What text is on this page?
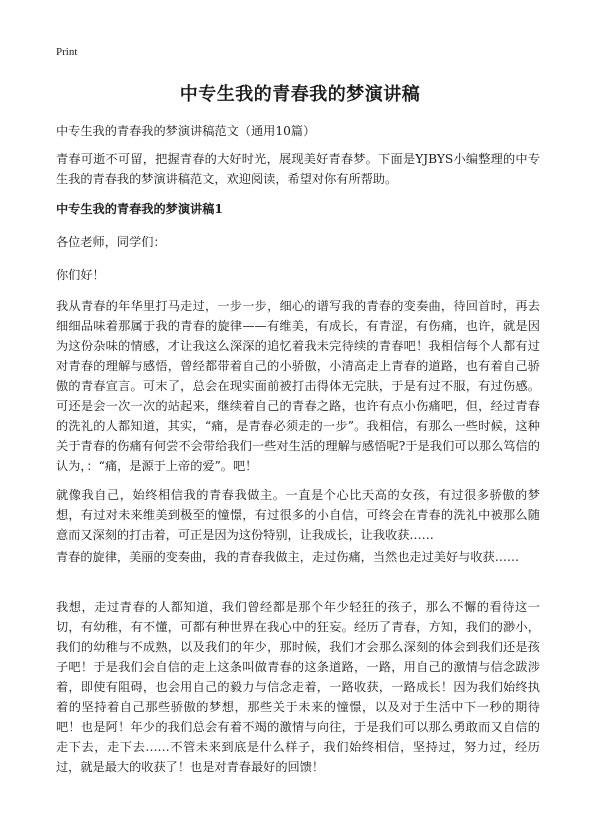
Print
中专生我的青春我的梦演讲稿
中专生我的青春我的梦演讲稿范文（通用10篇）
青春可逝不可留，把握青春的大好时光，展现美好青春梦。下面是YJBYS小编整理的中专生我的青春我的梦演讲稿范文，欢迎阅读，希望对你有所帮助。
中专生我的青春我的梦演讲稿1
各位老师，同学们：
你们好！
我从青春的年华里打马走过，一步一步，细心的谱写我的青春的变奏曲，待回首时，再去细细品味着那属于我的青春的旋律——有维美，有成长，有青涩，有伤痛，也许，就是因为这份杂味的情感，才让我这么深深的追忆着我未完待续的青春吧！我相信每个人都有过对青春的理解与感悟，曾经都带着自己的小骄傲，小清高走上青春的道路，也有着自己骄傲的青春宣言。可末了，总会在现实面前被打击得体无完肤，于是有过不服，有过伤感。可还是会一次一次的站起来，继续着自己的青春之路，也许有点小伤痛吧，但，经过青春的洗礼的人都知道，其实，“痛，是青春必须走的一步”。我相信，有那么一些时候，这种关于青春的伤痛有何尝不会带给我们一些对生活的理解与感悟呢?于是我们可以那么笃信的认为，：“痛，是源于上帝的爱”。吧！
就像我自己，始终相信我的青春我做主。一直是个心比天高的女孩，有过很多骄傲的梦想，有过对未来维美到极至的憧憬，有过很多的小自信，可终会在青春的洗礼中被那么随意而又深刻的打击着，可正是因为这份特别，让我成长，让我收获……
青春的旋律，美丽的变奏曲，我的青春我做主，走过伤痛，当然也走过美好与收获……
我想，走过青春的人都知道，我们曾经都是那个年少轻狂的孩子，那么不懈的看待这一切，有幼稚，有不懂，可都有种世界在我心中的狂妄。经历了青春，方知，我们的渺小，我们的幼稚与不成熟，以及我们的年少，那时候，我们才会那么深刻的体会到我们还是孩子吧！于是我们会自信的走上这条叫做青春的这条道路，一路，用自己的激情与信念跋涉着，即使有阻碍，也会用自己的毅力与信念走着，一路收获，一路成长！因为我们始终执着的坚持着自己那些骄傲的梦想，那些关于未来的憧憬，以及对于生活中下一秒的期待吧！也是阿！年少的我们总会有着不竭的激情与向往，于是我们可以那么勇敢而又自信的走下去，走下去……不管未来到底是什么样子，我们始终相信，坚持过，努力过，经历过，就是最大的收获了！也是对青春最好的回馈！
